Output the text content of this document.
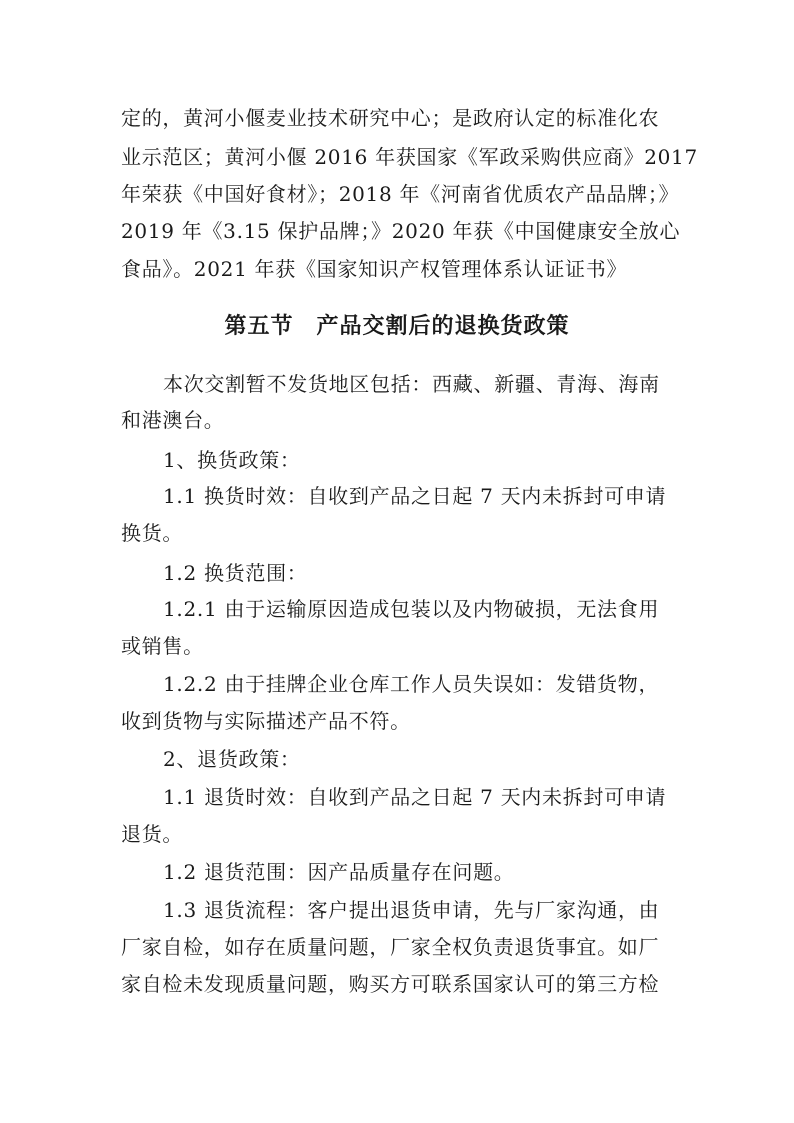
定的，黄河小偃麦业技术研究中心；是政府认定的标准化农
业示范区；黄河小偃 2016 年获国家《军政采购供应商》2017
年荣获《中国好食材》；2018 年《河南省优质农产品品牌；》
2019 年《3.15 保护品牌；》2020 年获《中国健康安全放心
食品》。2021 年获《国家知识产权管理体系认证证书》
第五节　产品交割后的退换货政策
本次交割暂不发货地区包括：西藏、新疆、青海、海南
和港澳台。
1、换货政策：
1.1 换货时效：自收到产品之日起 7 天内未拆封可申请
换货。
1.2 换货范围：
1.2.1 由于运输原因造成包装以及内物破损，无法食用
或销售。
1.2.2 由于挂牌企业仓库工作人员失误如：发错货物，
收到货物与实际描述产品不符。
2、退货政策：
1.1 退货时效：自收到产品之日起 7 天内未拆封可申请
退货。
1.2 退货范围：因产品质量存在问题。
1.3 退货流程：客户提出退货申请，先与厂家沟通，由
厂家自检，如存在质量问题，厂家全权负责退货事宜。如厂
家自检未发现质量问题，购买方可联系国家认可的第三方检
